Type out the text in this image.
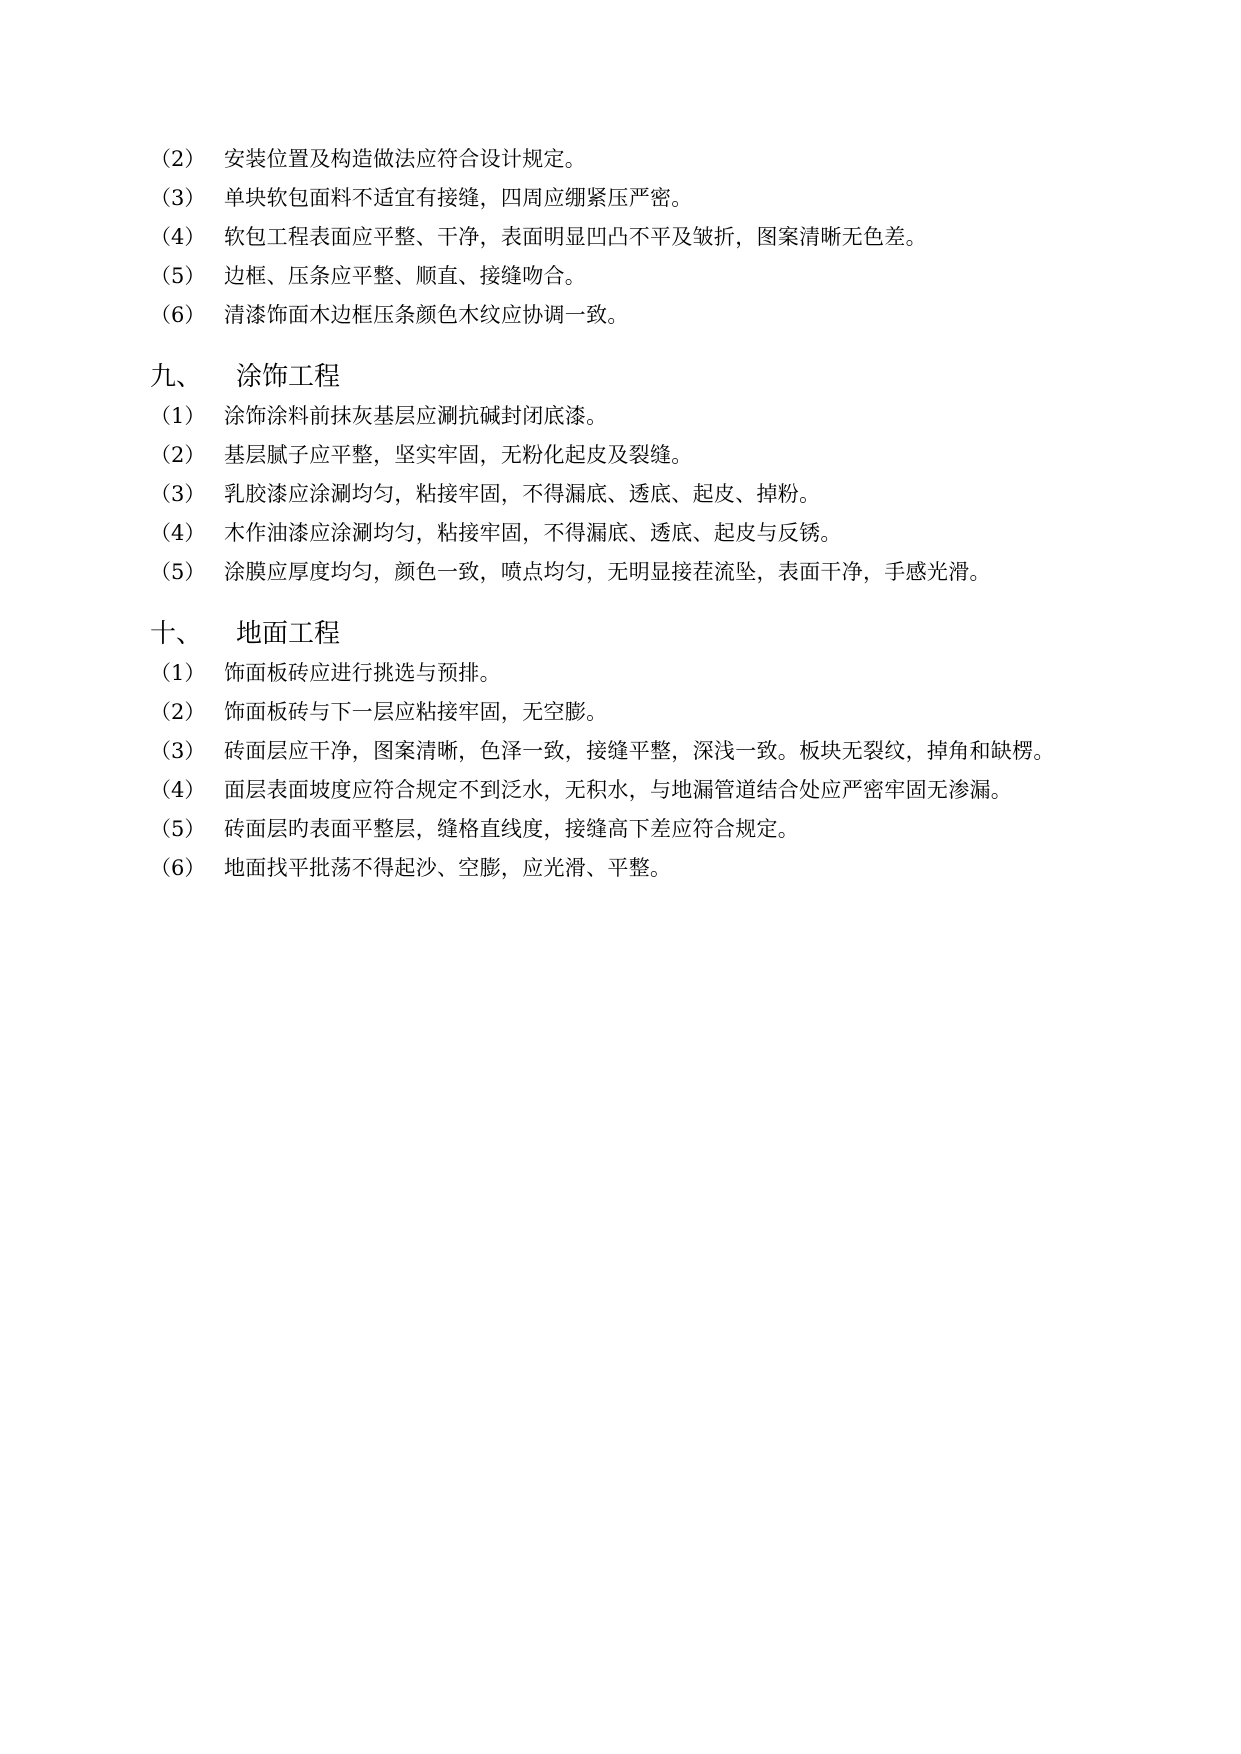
（2） 安装位置及构造做法应符合设计规定。
（3） 单块软包面料不适宜有接缝，四周应绷紧压严密。
（4） 软包工程表面应平整、干净，表面明显凹凸不平及皱折，图案清晰无色差。
（5） 边框、压条应平整、顺直、接缝吻合。
（6） 清漆饰面木边框压条颜色木纹应协调一致。
九、	涂饰工程
（1） 涂饰涂料前抹灰基层应涮抗碱封闭底漆。
（2） 基层腻子应平整，坚实牢固，无粉化起皮及裂缝。
（3） 乳胶漆应涂涮均匀，粘接牢固，不得漏底、透底、起皮、掉粉。
（4） 木作油漆应涂涮均匀，粘接牢固，不得漏底、透底、起皮与反锈。
（5） 涂膜应厚度均匀，颜色一致，喷点均匀，无明显接茬流坠，表面干净，手感光滑。
十、	地面工程
（1） 饰面板砖应进行挑选与预排。
（2） 饰面板砖与下一层应粘接牢固，无空膨。
（3） 砖面层应干净，图案清晰，色泽一致，接缝平整，深浅一致。板块无裂纹，掉角和缺楞。
（4） 面层表面坡度应符合规定不到泛水，无积水，与地漏管道结合处应严密牢固无渗漏。
（5） 砖面层旳表面平整层，缝格直线度，接缝高下差应符合规定。
（6） 地面找平批荡不得起沙、空膨，应光滑、平整。
